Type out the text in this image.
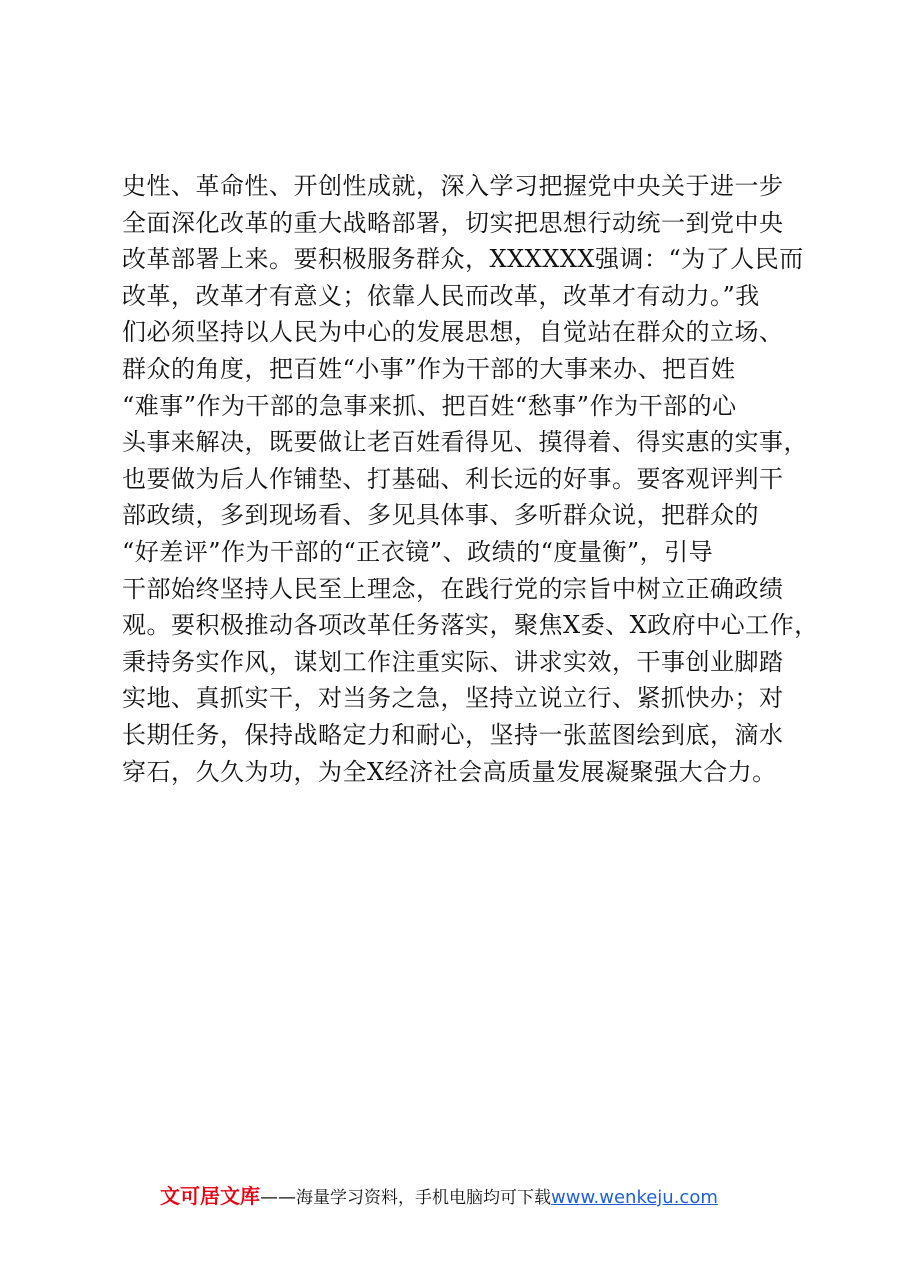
史性、革命性、开创性成就，深入学习把握党中央关于进一步
全面深化改革的重大战略部署，切实把思想行动统一到党中央
改革部署上来。要积极服务群众，XXXXXX强调：“为了人民而
改革，改革才有意义；依靠人民而改革，改革才有动力。”我
们必须坚持以人民为中心的发展思想，自觉站在群众的立场、
群众的角度，把百姓“小事”作为干部的大事来办、把百姓
“难事”作为干部的急事来抓、把百姓“愁事”作为干部的心
头事来解决，既要做让老百姓看得见、摸得着、得实惠的实事，
也要做为后人作铺垫、打基础、利长远的好事。要客观评判干
部政绩，多到现场看、多见具体事、多听群众说，把群众的
“好差评”作为干部的“正衣镜”、政绩的“度量衡”，引导
干部始终坚持人民至上理念，在践行党的宗旨中树立正确政绩
观。要积极推动各项改革任务落实，聚焦X委、X政府中心工作，
秉持务实作风，谋划工作注重实际、讲求实效，干事创业脚踏
实地、真抓实干，对当务之急，坚持立说立行、紧抓快办；对
长期任务，保持战略定力和耐心，坚持一张蓝图绘到底，滴水
穿石，久久为功，为全X经济社会高质量发展凝聚强大合力。
文可居文库——海量学习资料，手机电脑均可下载www.wenkeju.com
